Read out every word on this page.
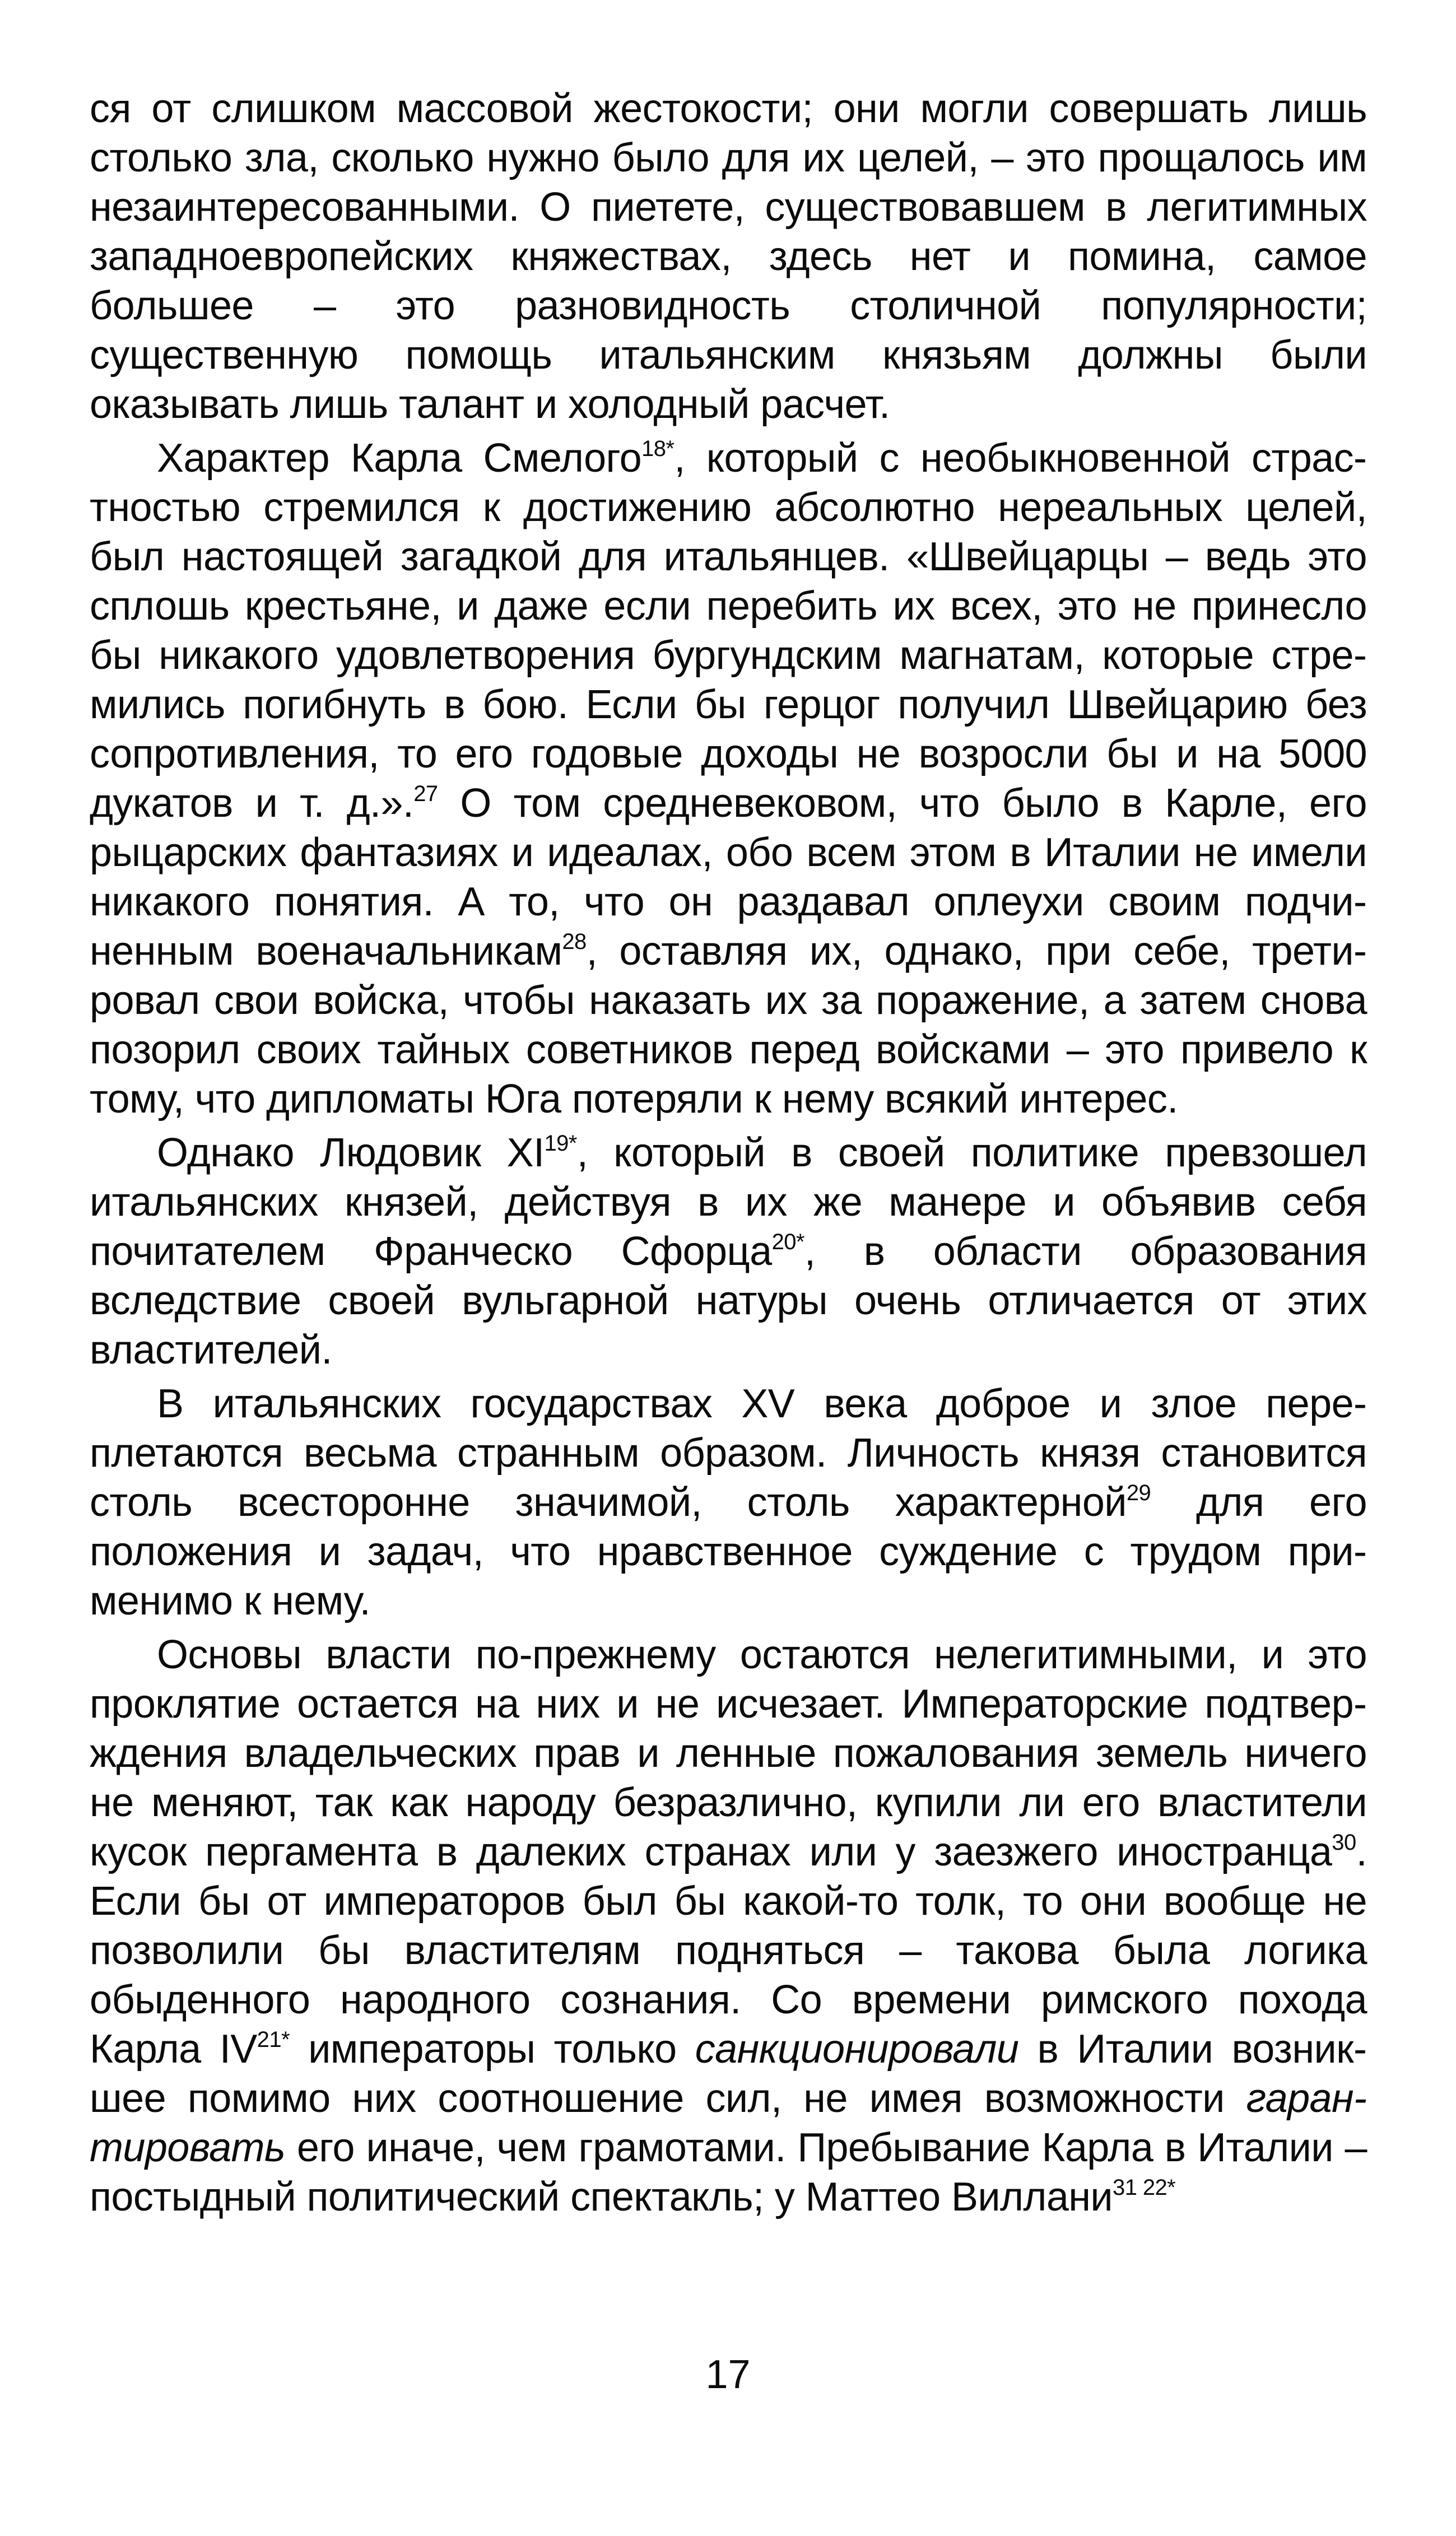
ся от слишком массовой жестокости; они могли совершать лишь столько зла, сколько нужно было для их целей, – это прощалось им незаинтересованными. О пиетете, существовавшем в легитимных западноевропейских княжествах, здесь нет и помина, самое большее – это разновидность столичной популярности; существенную помощь итальянским князьям должны были оказывать лишь талант и холодный расчет.

Характер Карла Смелого$^{18*}$, который с необыкновенной страстностью стремился к достижению абсолютно нереальных целей, был настоящей загадкой для итальянцев. «Швейцарцы – ведь это сплошь крестьяне, и даже если перебить их всех, это не принесло бы никакого удовлетворения бургундским магнатам, которые стремились погибнуть в бою. Если бы герцог получил Швейцарию без сопротивления, то его годовые доходы не возросли бы и на 5000 дукатов и т. д.».$^{27}$ О том средневековом, что было в Карле, его рыцарских фантазиях и идеалах, обо всем этом в Италии не имели никакого понятия. А то, что он раздавал оплеухи своим подчиненным военачальникам$^{28}$, оставляя их, однако, при себе, третировал свои войска, чтобы наказать их за поражение, а затем снова позорил своих тайных советников перед войсками – это привело к тому, что дипломаты Юга потеряли к нему всякий интерес.

Однако Людовик $XI^{19*}$, который в своей политике превзошел итальянских князей, действуя в их же манере и объявив себя почитателем Франческо Сфорца$^{20*}$, в области образования вследствие своей вульгарной натуры очень отличается от этих властителей.

В итальянских государствах XV века доброе и злое переплетаются весьма странным образом. Личность князя становится столь всесторонне значимой, столь характерной$^{29}$ для его положения и задач, что нравственное суждение с трудом применимо к нему.

Основы власти по-прежнему остаются нелегитимными, и это проклятие остается на них и не исчезает. Императорские подтверждения владельческих прав и ленные пожалования земель ничего не меняют, так как народу безразлично, купили ли его властители кусок пергамента в далеких странах или у заезжего иностранца$^{30}$. Если бы от императоров был бы какой-то толк, то они вообще не позволили бы властителям подняться – такова была логика обыденного народного сознания. Со времени римского похода Карла $IV^{21*}$ императоры только санкционировали в Италии возникшее помимо них соотношение сил, не имея возможности гарантировать его иначе, чем грамотами. Пребывание Карла в Италии – постыдный политический спектакль; у Маттео Виллани$^{31 22*}$

17
